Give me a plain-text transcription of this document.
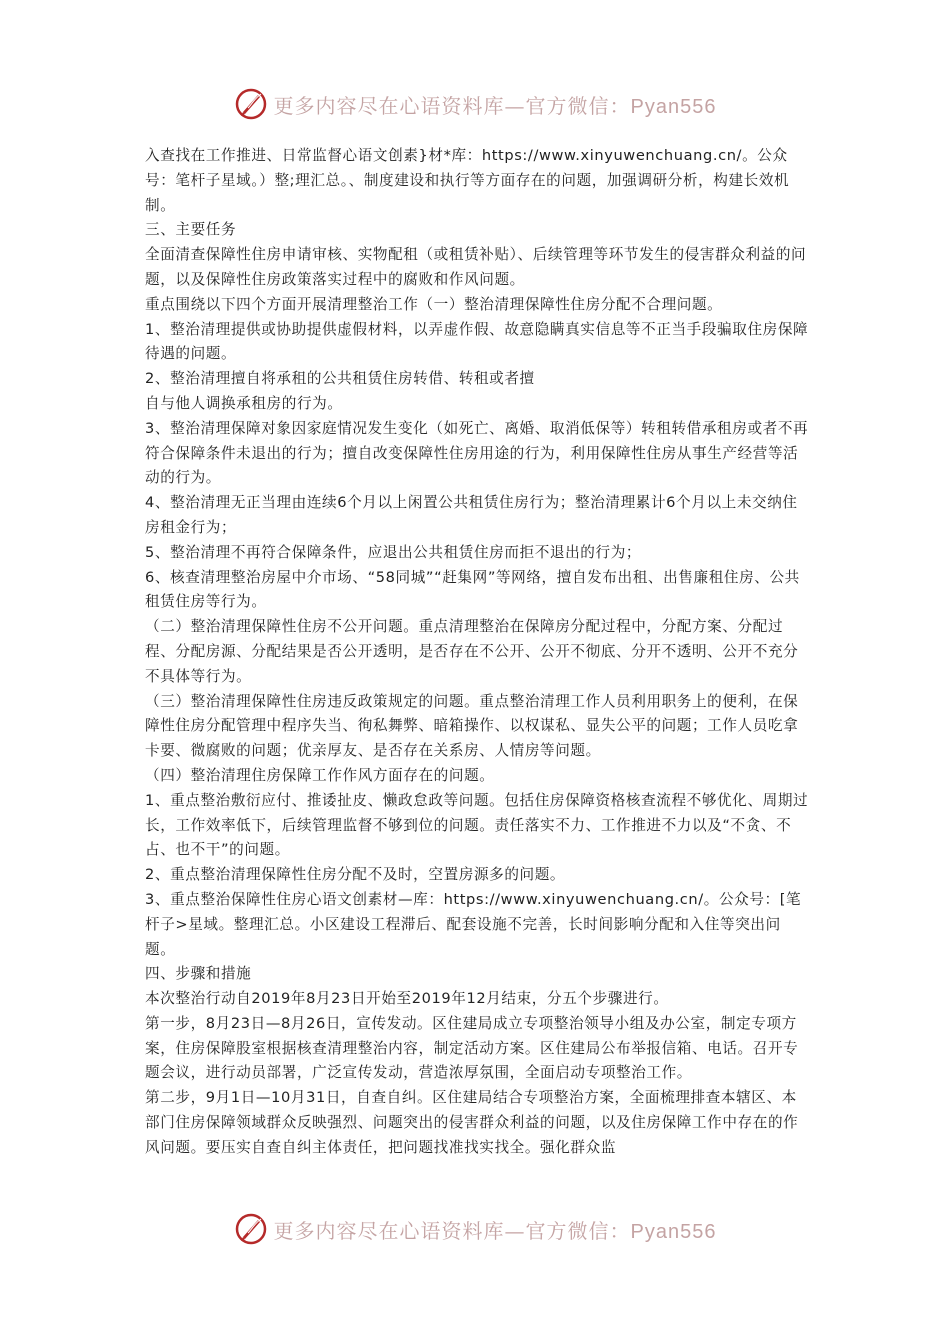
更多内容尽在心语资料库—官方微信：Pyan556

入查找在工作推进、日常监督心语文创素}材*库：https://www.xinyuwenchuang.cn/。公众号：笔杆子星域。）整;理汇总。、制度建设和执行等方面存在的问题，加强调研分析，构建长效机制。

三、主要任务

全面清查保障性住房申请审核、实物配租（或租赁补贴）、后续管理等环节发生的侵害群众利益的问题，以及保障性住房政策落实过程中的腐败和作风问题。

重点围绕以下四个方面开展清理整治工作（一）整治清理保障性住房分配不合理问题。

1、整治清理提供或协助提供虚假材料，以弄虚作假、故意隐瞒真实信息等不正当手段骗取住房保障待遇的问题。

2、整治清理擅自将承租的公共租赁住房转借、转租或者擅

自与他人调换承租房的行为。

3、整治清理保障对象因家庭情况发生变化（如死亡、离婚、取消低保等）转租转借承租房或者不再符合保障条件未退出的行为；擅自改变保障性住房用途的行为，利用保障性住房从事生产经营等活动的行为。

4、整治清理无正当理由连续6个月以上闲置公共租赁住房行为；整治清理累计6个月以上未交纳住房租金行为；

5、整治清理不再符合保障条件，应退出公共租赁住房而拒不退出的行为；

6、核查清理整治房屋中介市场、“58同城”“赶集网”等网络，擅自发布出租、出售廉租住房、公共租赁住房等行为。

（二）整治清理保障性住房不公开问题。重点清理整治在保障房分配过程中，分配方案、分配过程、分配房源、分配结果是否公开透明，是否存在不公开、公开不彻底、分开不透明、公开不充分不具体等行为。

（三）整治清理保障性住房违反政策规定的问题。重点整治清理工作人员利用职务上的便利，在保障性住房分配管理中程序失当、徇私舞弊、暗箱操作、以权谋私、显失公平的问题；工作人员吃拿卡要、微腐败的问题；优亲厚友、是否存在关系房、人情房等问题。

（四）整治清理住房保障工作作风方面存在的问题。

1、重点整治敷衍应付、推诿扯皮、懒政怠政等问题。包括住房保障资格核查流程不够优化、周期过长，工作效率低下，后续管理监督不够到位的问题。责任落实不力、工作推进不力以及“不贪、不占、也不干”的问题。

2、重点整治清理保障性住房分配不及时，空置房源多的问题。

3、重点整治保障性住房心语文创素材—库：https://www.xinyuwenchuang.cn/。公众号：[笔杆子>星域。整理汇总。小区建设工程滞后、配套设施不完善，长时间影响分配和入住等突出问题。

四、步骤和措施

本次整治行动自2019年8月23日开始至2019年12月结束，分五个步骤进行。

第一步，8月23日—8月26日，宣传发动。区住建局成立专项整治领导小组及办公室，制定专项方案，住房保障股室根据核查清理整治内容，制定活动方案。区住建局公布举报信箱、电话。召开专题会议，进行动员部署，广泛宣传发动，营造浓厚氛围，全面启动专项整治工作。

第二步，9月1日—10月31日，自查自纠。区住建局结合专项整治方案，全面梳理排查本辖区、本部门住房保障领域群众反映强烈、问题突出的侵害群众利益的问题，以及住房保障工作中存在的作风问题。要压实自查自纠主体责任，把问题找准找实找全。强化群众监

更多内容尽在心语资料库—官方微信：Pyan556
